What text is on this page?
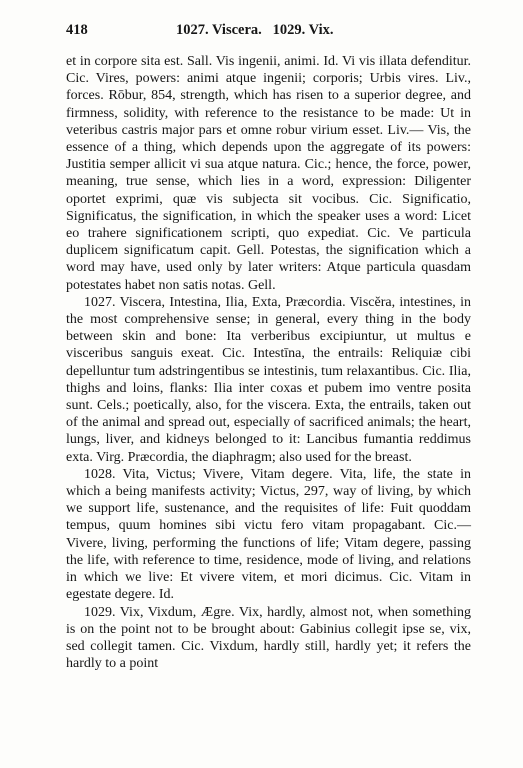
418	1027. Viscera.   1029. Vix.

et in corpore sita est. Sall. Vis ingenii, animi. Id. Vi vis illata defenditur. Cic. Vires, powers: animi atque ingenii; corporis; Urbis vires. Liv., forces. Rōbur, 854, strength, which has risen to a superior degree, and firmness, solidity, with reference to the resistance to be made: Ut in veteribus castris major pars et omne robur virium esset. Liv.— Vis, the essence of a thing, which depends upon the aggregate of its powers: Justitia semper allicit vi sua atque natura. Cic.; hence, the force, power, meaning, true sense, which lies in a word, expression: Diligenter oportet exprimi, quæ vis subjecta sit vocibus. Cic. Significatio, Significatus, the signification, in which the speaker uses a word: Licet eo trahere significationem scripti, quo expediat. Cic. Ve particula duplicem significatum capit. Gell. Potestas, the signification which a word may have, used only by later writers: Atque particula quasdam potestates habet non satis notas. Gell.

1027. Viscera, Intestina, Ilia, Exta, Præcordia. Viscĕra, intestines, in the most comprehensive sense; in general, every thing in the body between skin and bone: Ita verberibus excipiuntur, ut multus e visceribus sanguis exeat. Cic. Intestīna, the entrails: Reliquiæ cibi depelluntur tum adstringentibus se intestinis, tum relaxantibus. Cic. Ilia, thighs and loins, flanks: Ilia inter coxas et pubem imo ventre posita sunt. Cels.; poetically, also, for the viscera. Exta, the entrails, taken out of the animal and spread out, especially of sacrificed animals; the heart, lungs, liver, and kidneys belonged to it: Lancibus fumantia reddimus exta. Virg. Præcordia, the diaphragm; also used for the breast.

1028. Vita, Victus; Vivere, Vitam degere. Vita, life, the state in which a being manifests activity; Victus, 297, way of living, by which we support life, sustenance, and the requisites of life: Fuit quoddam tempus, quum homines sibi victu fero vitam propagabant. Cic.— Vivere, living, performing the functions of life; Vitam degere, passing the life, with reference to time, residence, mode of living, and relations in which we live: Et vivere vitem, et mori dicimus. Cic. Vitam in egestate degere. Id.

1029. Vix, Vixdum, Ægre. Vix, hardly, almost not, when something is on the point not to be brought about: Gabinius collegit ipse se, vix, sed collegit tamen. Cic. Vixdum, hardly still, hardly yet; it refers the hardly to a point
